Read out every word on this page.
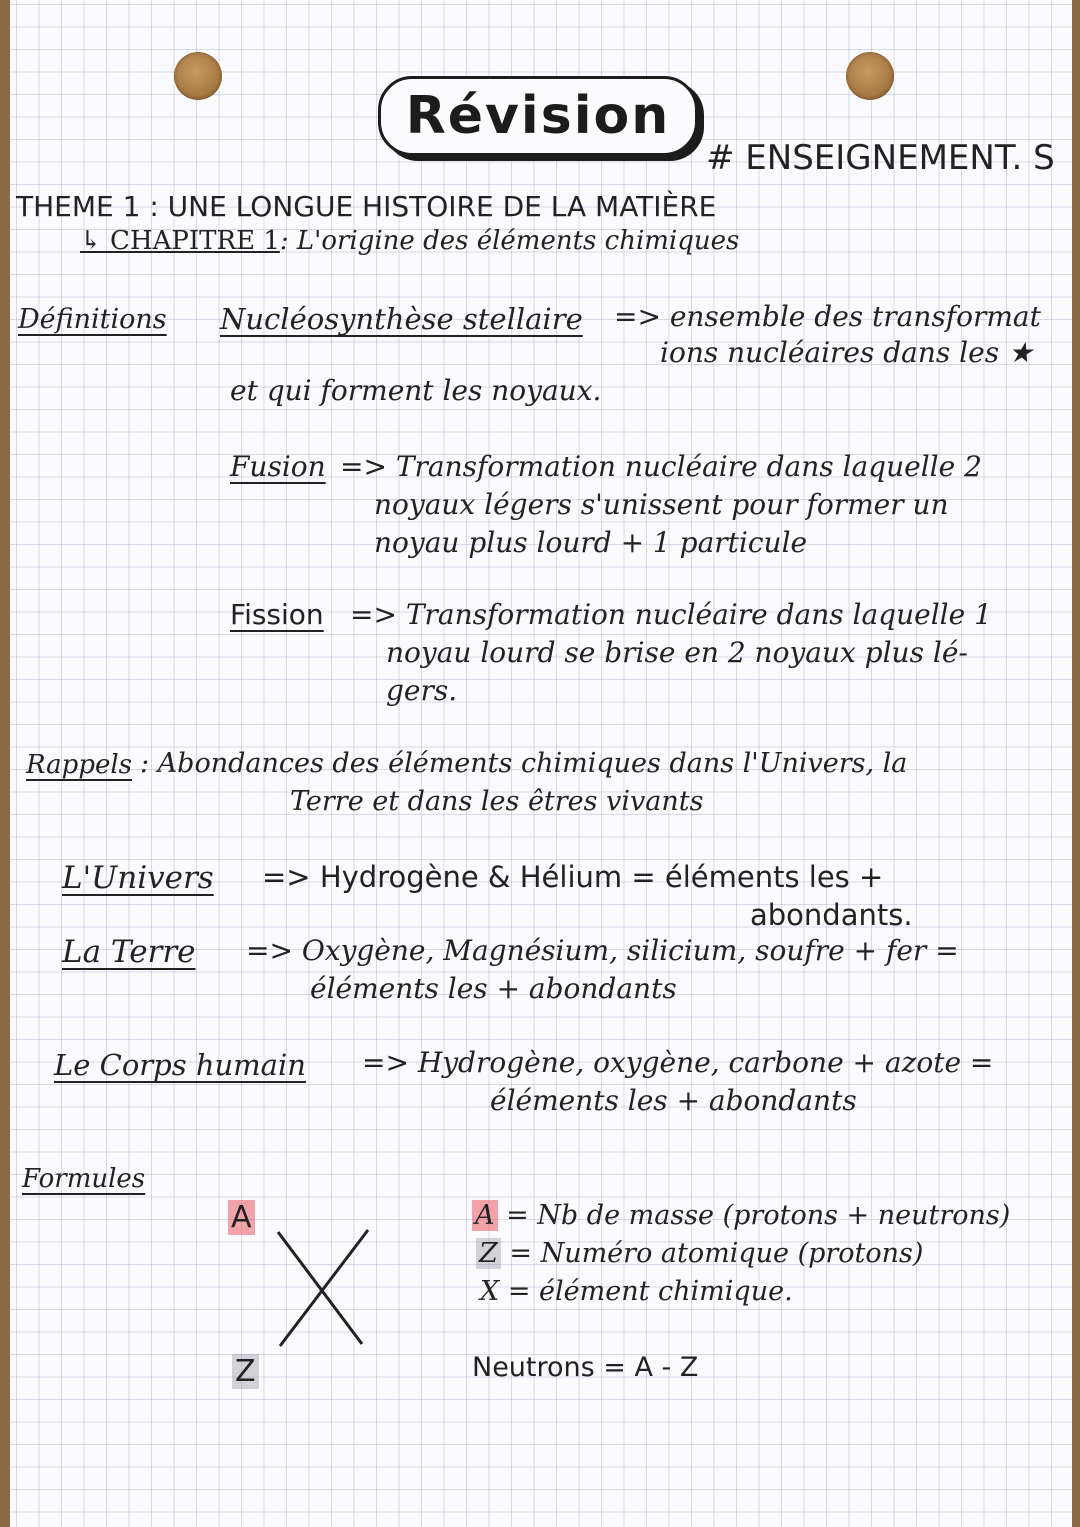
Révision
# ENSEIGNEMENT. S
THEME 1 : UNE LONGUE HISTOIRE DE LA MATIÈRE
↳ CHAPITRE 1: L'origine des éléments chimiques
Définitions Nucléosynthèse stellaire => ensemble des transformat
ions nucléaires dans les ★
et qui forment les noyaux.
Fusion => Transformation nucléaire dans laquelle 2
noyaux légers s'unissent pour former un
noyau plus lourd + 1 particule
Fission => Transformation nucléaire dans laquelle 1
noyau lourd se brise en 2 noyaux plus lé-
gers.
Rappels : Abondances des éléments chimiques dans l'Univers, la
Terre et dans les êtres vivants
L'Univers => Hydrogène & Hélium = éléments les +
abondants.
La Terre => Oxygène, Magnésium, silicium, soufre + fer =
éléments les + abondants
Le Corps humain => Hydrogène, oxygène, carbone + azote =
éléments les + abondants
Formules
A
Z
A = Nb de masse (protons + neutrons)
Z = Numéro atomique (protons)
X = élément chimique.
Neutrons = A - Z
